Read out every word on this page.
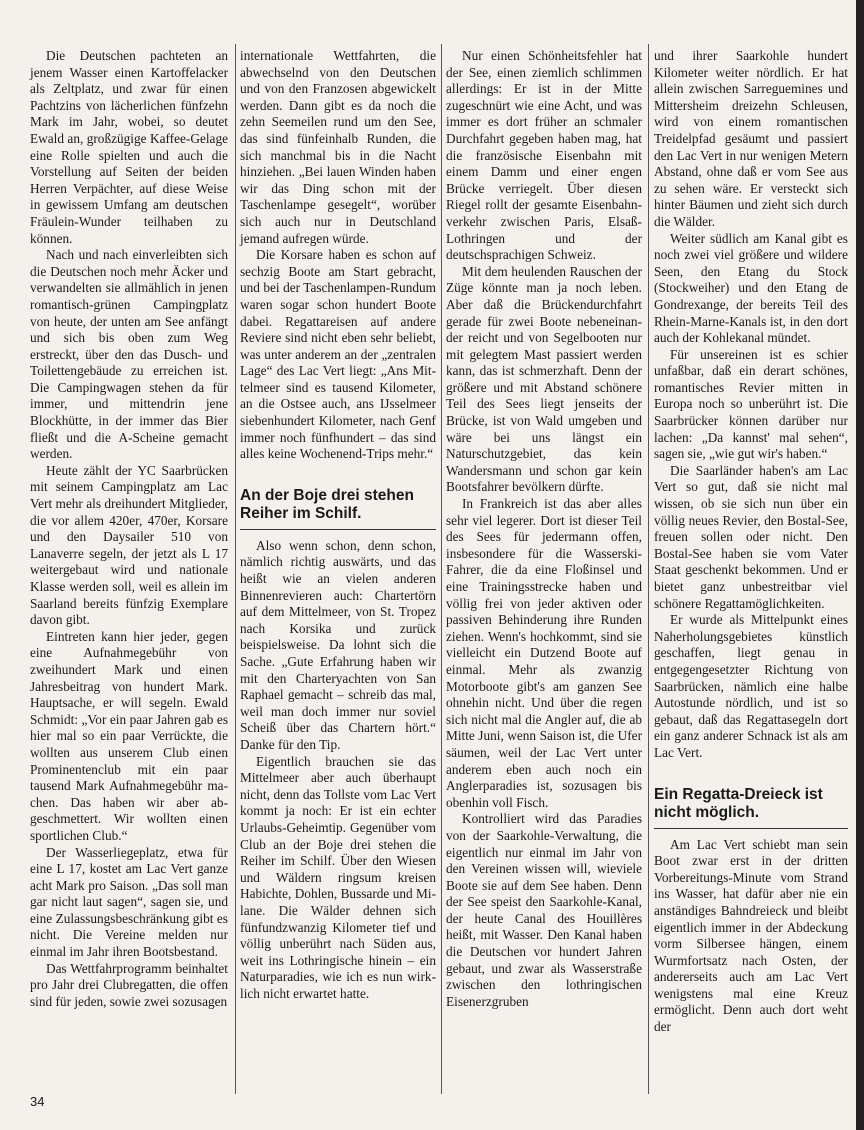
Die Deutschen pachteten an jenem Wasser einen Kartoffelacker als Zeltplatz, und zwar für einen Pachtzins von lächerlichen fünfzehn Mark im Jahr, wobei, so deutet Ewald an, großzügige Kaffee-Gelage eine Rolle spielten und auch die Vorstellung auf Seiten der beiden Herren Verpächter, auf diese Weise in gewissem Umfang am deutschen Fräulein-Wunder teilhaben zu können.

Nach und nach einverleibten sich die Deutschen noch mehr Äcker und verwandelten sie allmählich in jenen romantisch-grünen Campingplatz von heute, der unten am See anfängt und sich bis oben zum Weg erstreckt, über den das Dusch- und Toilettengebäude zu erreichen ist. Die Campingwagen stehen da für immer, und mittendrin jene Blockhütte, in der immer das Bier fließt und die A-Scheine gemacht werden.

Heute zählt der YC Saarbrücken mit seinem Campingplatz am Lac Vert mehr als dreihundert Mitglieder, die vor allem 420er, 470er, Korsare und den Daysailer 510 von Lanaverre segeln, der jetzt als L 17 weitergebaut wird und nationale Klasse werden soll, weil es allein im Saarland bereits fünfzig Exemplare davon gibt.

Eintreten kann hier jeder, gegen eine Aufnahmegebühr von zweihundert Mark und einen Jahresbeitrag von hundert Mark. Hauptsache, er will segeln. Ewald Schmidt: „Vor ein paar Jahren gab es hier mal so ein paar Verrückte, die wollten aus unserem Club einen Prominentenclub mit ein paar tausend Mark Aufnahmegebühr machen. Das haben wir aber abgeschmettert. Wir wollten einen sportlichen Club.“

Der Wasserliegeplatz, etwa für eine L 17, kostet am Lac Vert ganze acht Mark pro Saison. „Das soll man gar nicht laut sagen“, sagen sie, und eine Zulassungsbeschränkung gibt es nicht. Die Vereine melden nur einmal im Jahr ihren Bootsbestand.

Das Wettfahrprogramm beinhaltet pro Jahr drei Clubregatten, die offen sind für jeden, sowie zwei sozusagen

internationale Wettfahrten, die abwechselnd von den Deutschen und von den Franzosen abgewickelt werden. Dann gibt es da noch die zehn Seemeilen rund um den See, das sind fünfeinhalb Runden, die sich manchmal bis in die Nacht hinziehen. „Bei lauen Winden haben wir das Ding schon mit der Taschenlampe gesegelt“, worüber sich auch nur in Deutschland jemand aufregen würde.

Die Korsare haben es schon auf sechzig Boote am Start gebracht, und bei der Taschenlampen-Rundum waren sogar schon hundert Boote dabei. Regattareisen auf andere Reviere sind nicht eben sehr beliebt, was unter anderem an der „zentralen Lage“ des Lac Vert liegt: „Ans Mittelmeer sind es tausend Kilometer, an die Ostsee auch, ans IJsselmeer siebenhundert Kilometer, nach Genf immer noch fünfhundert – das sind alles keine Wochenend-Trips mehr.“

An der Boje drei stehen Reiher im Schilf.

Also wenn schon, denn schon, nämlich richtig auswärts, und das heißt wie an vielen anderen Binnenrevieren auch: Chartertörn auf dem Mittelmeer, von St. Tropez nach Korsika und zurück beispielsweise. Da lohnt sich die Sache. „Gute Erfahrung haben wir mit den Charteryachten von San Raphael gemacht – schreib das mal, weil man doch immer nur soviel Scheiß über das Chartern hört.“ Danke für den Tip.

Eigentlich brauchen sie das Mittelmeer aber auch überhaupt nicht, denn das Tollste vom Lac Vert kommt ja noch: Er ist ein echter Urlaubs-Geheimtip. Gegenüber vom Club an der Boje drei stehen die Reiher im Schilf. Über den Wiesen und Wäldern ringsum kreisen Habichte, Dohlen, Bussarde und Milane. Die Wälder dehnen sich fünfundzwanzig Kilometer tief und völlig unberührt nach Süden aus, weit ins Lothringische hinein – ein Naturparadies, wie ich es nun wirklich nicht erwartet hatte.

Nur einen Schönheitsfehler hat der See, einen ziemlich schlimmen allerdings: Er ist in der Mitte zugeschnürt wie eine Acht, und was immer es dort früher an schmaler Durchfahrt gegeben haben mag, hat die französische Eisenbahn mit einem Damm und einer engen Brücke verriegelt. Über diesen Riegel rollt der gesamte Eisenbahnverkehr zwischen Paris, Elsaß-Lothringen und der deutschsprachigen Schweiz.

Mit dem heulenden Rauschen der Züge könnte man ja noch leben. Aber daß die Brückendurchfahrt gerade für zwei Boote nebeneinander reicht und von Segelbooten nur mit gelegtem Mast passiert werden kann, das ist schmerzhaft. Denn der größere und mit Abstand schönere Teil des Sees liegt jenseits der Brücke, ist von Wald umgeben und wäre bei uns längst ein Naturschutzgebiet, das kein Wandersmann und schon gar kein Bootsfahrer bevölkern dürfte.

In Frankreich ist das aber alles sehr viel legerer. Dort ist dieser Teil des Sees für jedermann offen, insbesondere für die Wasserski-Fahrer, die da eine Floßinsel und eine Trainingsstrecke haben und völlig frei von jeder aktiven oder passiven Behinderung ihre Runden ziehen. Wenn's hochkommt, sind sie vielleicht ein Dutzend Boote auf einmal. Mehr als zwanzig Motorboote gibt's am ganzen See ohnehin nicht. Und über die regen sich nicht mal die Angler auf, die ab Mitte Juni, wenn Saison ist, die Ufer säumen, weil der Lac Vert unter anderem eben auch noch ein Anglerparadies ist, sozusagen bis obenhin voll Fisch.

Kontrolliert wird das Paradies von der Saarkohle-Verwaltung, die eigentlich nur einmal im Jahr von den Vereinen wissen will, wieviele Boote sie auf dem See haben. Denn der See speist den Saarkohle-Kanal, der heute Canal des Houillères heißt, mit Wasser. Den Kanal haben die Deutschen vor hundert Jahren gebaut, und zwar als Wasserstraße zwischen den lothringischen Eisenerzgruben

und ihrer Saarkohle hundert Kilometer weiter nördlich. Er hat allein zwischen Sarreguemines und Mittersheim dreizehn Schleusen, wird von einem romantischen Treidelpfad gesäumt und passiert den Lac Vert in nur wenigen Metern Abstand, ohne daß er vom See aus zu sehen wäre. Er versteckt sich hinter Bäumen und zieht sich durch die Wälder.

Weiter südlich am Kanal gibt es noch zwei viel größere und wildere Seen, den Etang du Stock (Stockweiher) und den Etang de Gondrexange, der bereits Teil des Rhein-Marne-Kanals ist, in den dort auch der Kohlekanal mündet.

Für unsereinen ist es schier unfaßbar, daß ein derart schönes, romantisches Revier mitten in Europa noch so unberührt ist. Die Saarbrücker können darüber nur lachen: „Da kannst' mal sehen“, sagen sie, „wie gut wir's haben.“

Die Saarländer haben's am Lac Vert so gut, daß sie nicht mal wissen, ob sie sich nun über ein völlig neues Revier, den Bostal-See, freuen sollen oder nicht. Den Bostal-See haben sie vom Vater Staat geschenkt bekommen. Und er bietet ganz unbestreitbar viel schönere Regattamöglichkeiten.

Er wurde als Mittelpunkt eines Naherholungsgebietes künstlich geschaffen, liegt genau in entgegengesetzter Richtung von Saarbrücken, nämlich eine halbe Autostunde nördlich, und ist so gebaut, daß das Regattasegeln dort ein ganz anderer Schnack ist als am Lac Vert.

Ein Regatta-Dreieck ist nicht möglich.

Am Lac Vert schiebt man sein Boot zwar erst in der dritten Vorbereitungs-Minute vom Strand ins Wasser, hat dafür aber nie ein anständiges Bahndreieck und bleibt eigentlich immer in der Abdeckung vorm Silbersee hängen, einem Wurmfortsatz nach Osten, der andererseits auch am Lac Vert wenigstens mal eine Kreuz ermöglicht. Denn auch dort weht der

34
